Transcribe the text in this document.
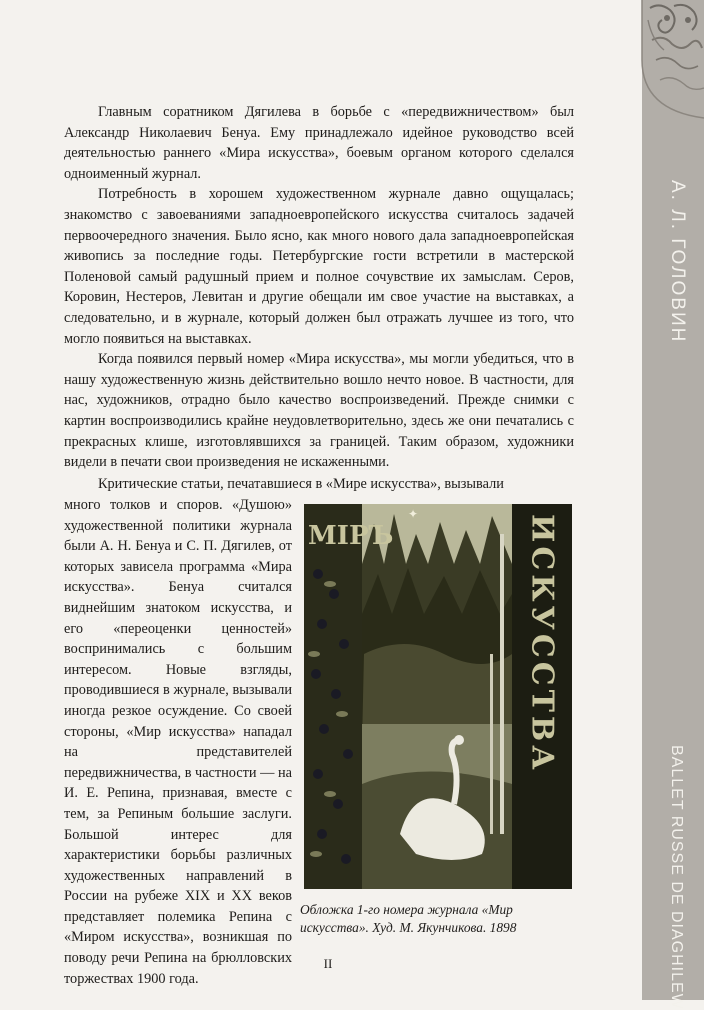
А. Л. ГОЛОВИН
BALLET RUSSE DE DIAGHILEW

Главным соратником Дягилева в борьбе с «передвижничеством» был Александр Николаевич Бенуа. Ему принадлежало идейное руководство всей деятельностью раннего «Мира искусства», боевым органом которого сделался одноименный журнал.

Потребность в хорошем художественном журнале давно ощущалась; знакомство с завоеваниями западноевропейского искусства считалось задачей первоочередного значения. Было ясно, как много нового дала западноевропейская живопись за последние годы. Петербургские гости встретили в мастерской Поленовой самый радушный прием и полное сочувствие их замыслам. Серов, Коровин, Нестеров, Левитан и другие обещали им свое участие на выставках, а следовательно, и в журнале, который должен был отражать лучшее из того, что могло появиться на выставках.

Когда появился первый номер «Мира искусства», мы могли убедиться, что в нашу художественную жизнь действительно вошло нечто новое. В частности, для нас, художников, отрадно было качество воспроизведений. Прежде снимки с картин воспроизводились крайне неудовлетворительно, здесь же они печатались с прекрасных клише, изготовлявшихся за границей. Таким образом, художники видели в печати свои произведения не искаженными.

Критические статьи, печатавшиеся в «Мире искусства», вызывали

много толков и споров. «Душою» художественной политики журнала были А. Н. Бенуа и С. П. Дягилев, от которых зависела программа «Мира искусства». Бенуа считался виднейшим знатоком искусства, и его «переоценки ценностей» воспринимались с большим интересом. Новые взгляды, проводившиеся в журнале, вызывали иногда резкое осуждение. Со своей стороны, «Мир искусства» нападал на представителей передвижничества, в частности — на И. Е. Репина, признавая, вместе с тем, за Репиным большие заслуги. Большой интерес для характеристики борьбы различных художественных направлений в России на рубеже XIX и XX веков представляет полемика Репина с «Миром искусства», возникшая по поводу речи Репина на брюлловских торжествах 1900 года.

✦
МІРЪ	ИСКУССТВА

Обложка 1-го номера журнала «Мир искусства». Худ. М. Якунчикова. 1898

II
